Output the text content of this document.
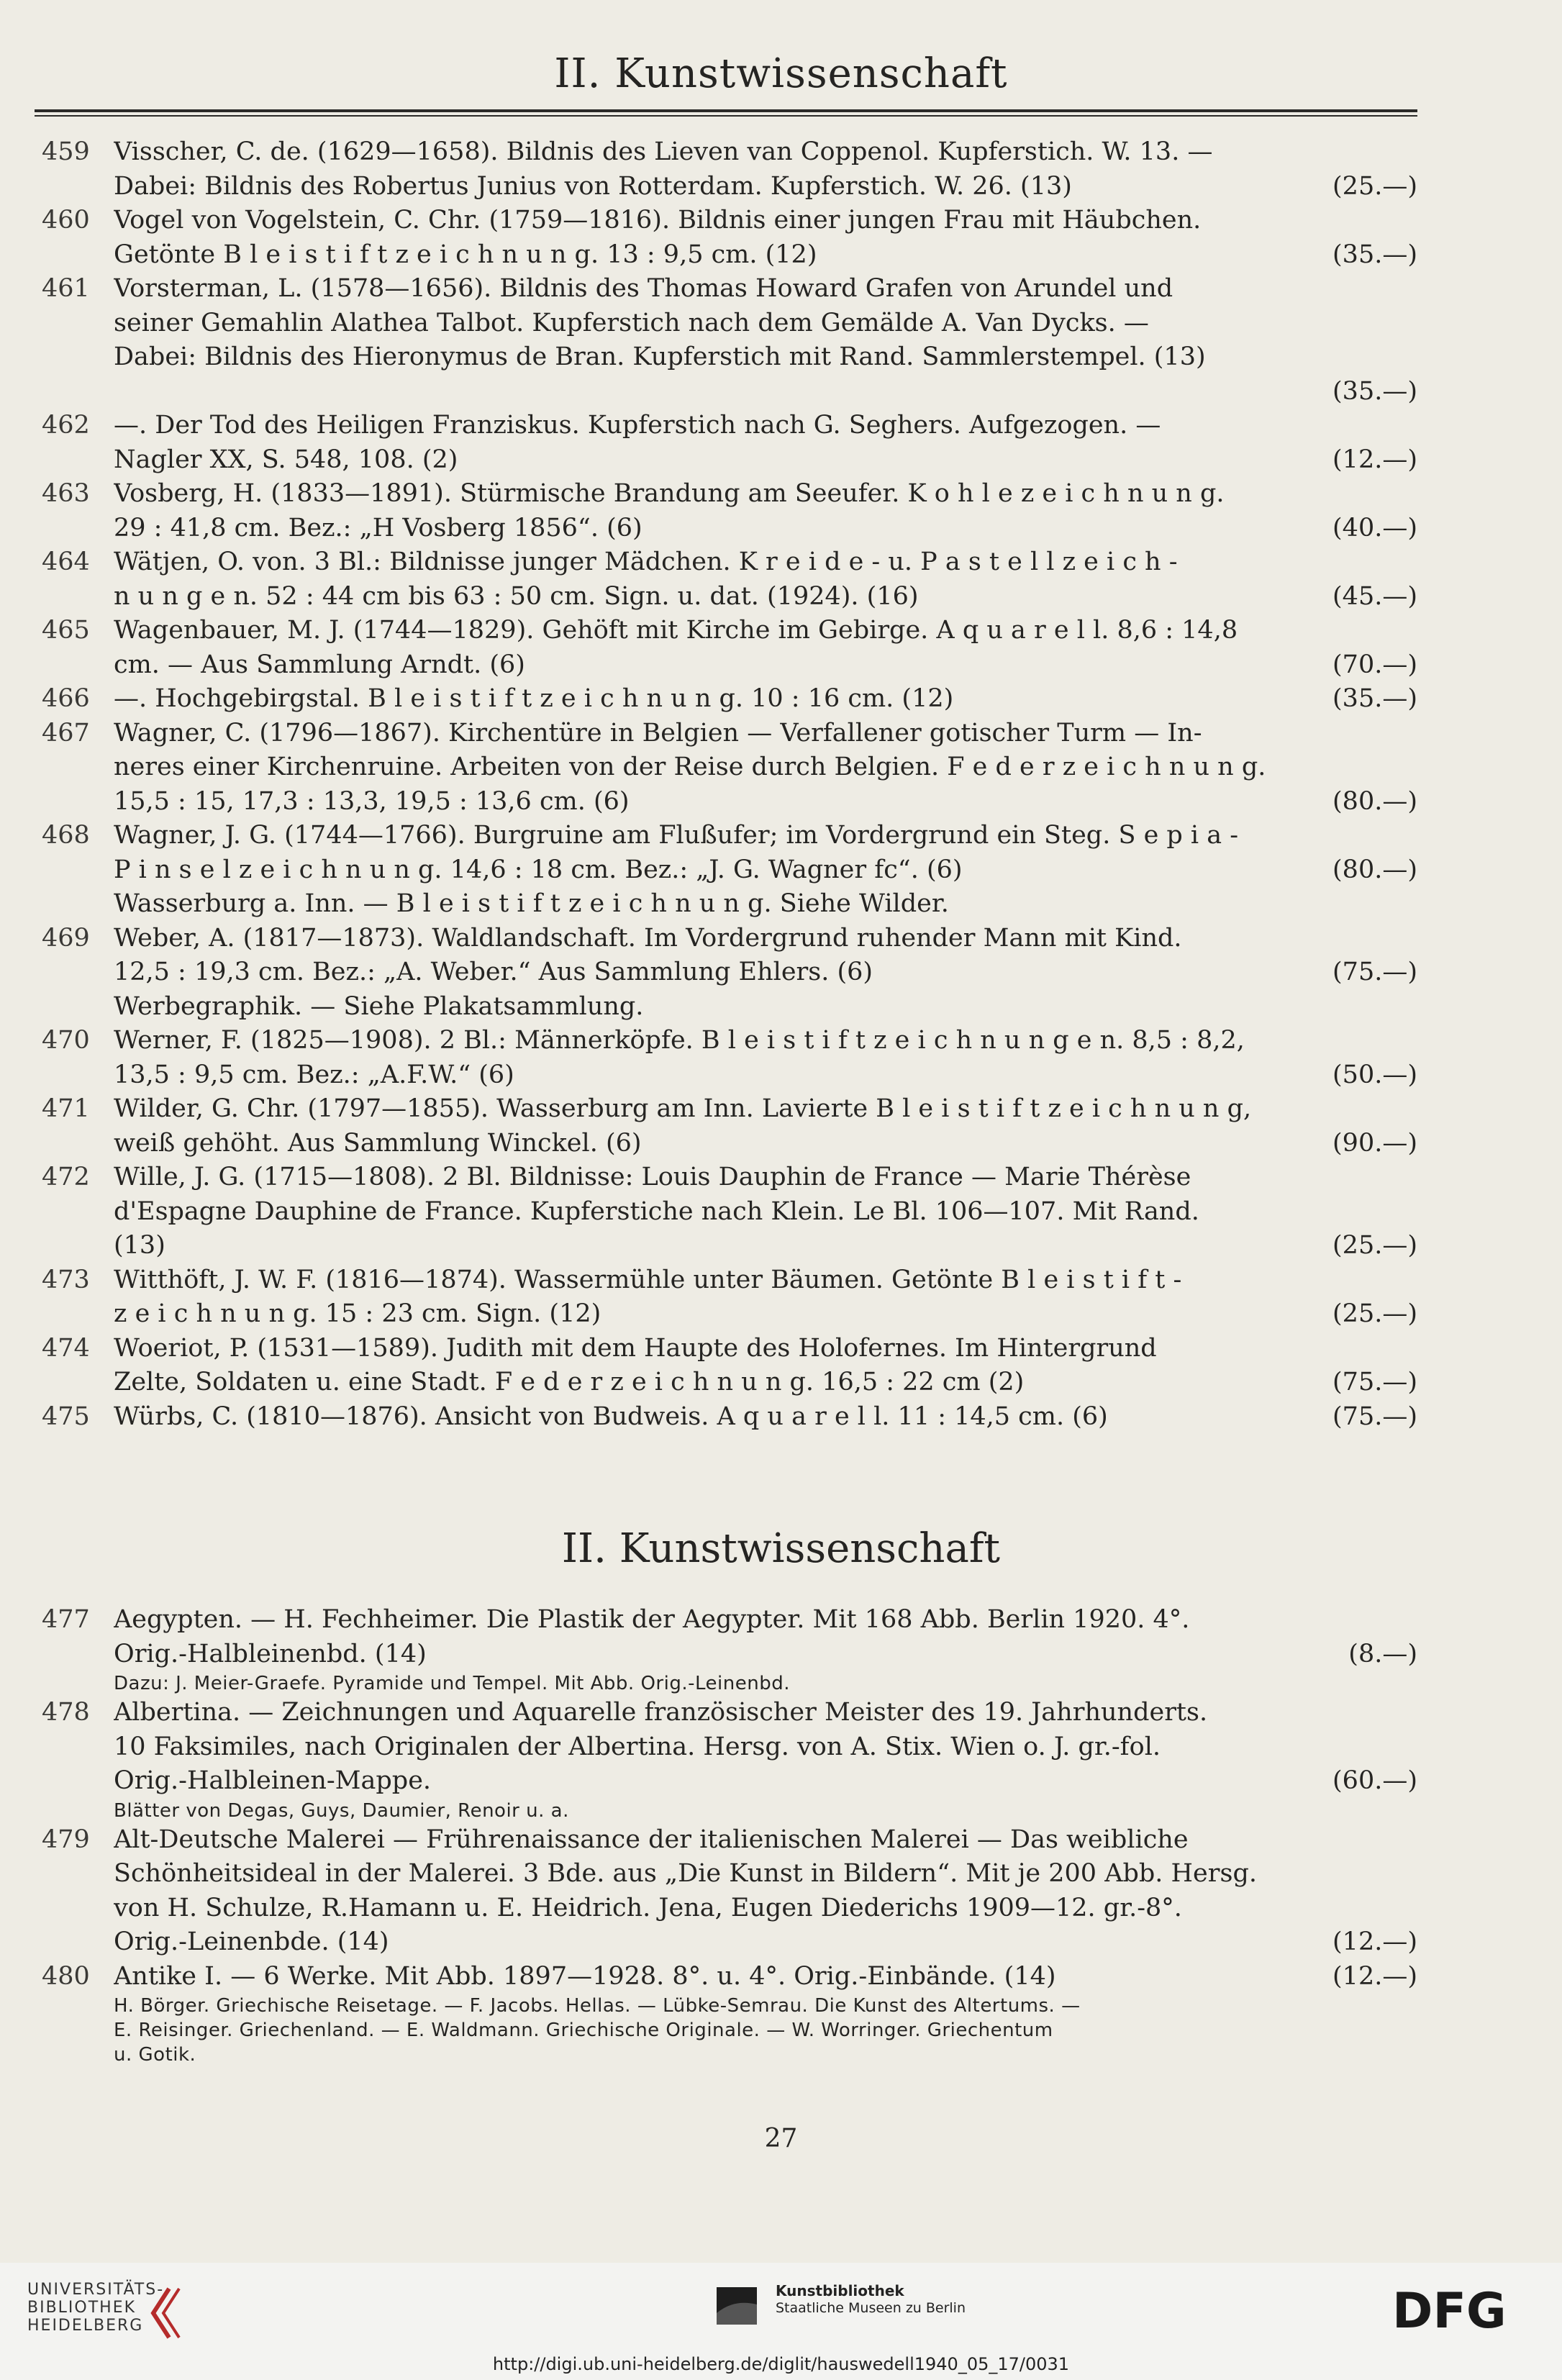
II. Kunstwissenschaft
459 Visscher, C. de. (1629—1658). Bildnis des Lieven van Coppenol. Kupferstich. W. 13. —
Dabei: Bildnis des Robertus Junius von Rotterdam. Kupferstich. W. 26. (13)	(25.—)
460 Vogel von Vogelstein, C. Chr. (1759—1816). Bildnis einer jungen Frau mit Häubchen.
Getönte B l e i s t i f t z e i c h n u n g. 13 : 9,5 cm. (12)	(35.—)
461 Vorsterman, L. (1578—1656). Bildnis des Thomas Howard Grafen von Arundel und
seiner Gemahlin Alathea Talbot. Kupferstich nach dem Gemälde A. Van Dycks. —
Dabei: Bildnis des Hieronymus de Bran. Kupferstich mit Rand. Sammlerstempel. (13)
(35.—)
462 —. Der Tod des Heiligen Franziskus. Kupferstich nach G. Seghers. Aufgezogen. —
Nagler XX, S. 548, 108. (2)	(12.—)
463 Vosberg, H. (1833—1891). Stürmische Brandung am Seeufer. K o h l e z e i c h n u n g.
29 : 41,8 cm. Bez.: „H Vosberg 1856“. (6)	(40.—)
464 Wätjen, O. von. 3 Bl.: Bildnisse junger Mädchen. K r e i d e - u. P a s t e l l z e i c h -
n u n g e n. 52 : 44 cm bis 63 : 50 cm. Sign. u. dat. (1924). (16)	(45.—)
465 Wagenbauer, M. J. (1744—1829). Gehöft mit Kirche im Gebirge. A q u a r e l l. 8,6 : 14,8
cm. — Aus Sammlung Arndt. (6)	(70.—)
466 —. Hochgebirgstal. B l e i s t i f t z e i c h n u n g. 10 : 16 cm. (12)	(35.—)
467 Wagner, C. (1796—1867). Kirchentüre in Belgien — Verfallener gotischer Turm — In-
neres einer Kirchenruine. Arbeiten von der Reise durch Belgien. F e d e r z e i c h n u n g.
15,5 : 15, 17,3 : 13,3, 19,5 : 13,6 cm. (6)	(80.—)
468 Wagner, J. G. (1744—1766). Burgruine am Flußufer; im Vordergrund ein Steg. S e p i a -
P i n s e l z e i c h n u n g. 14,6 : 18 cm. Bez.: „J. G. Wagner fc“. (6)	(80.—)
Wasserburg a. Inn. — B l e i s t i f t z e i c h n u n g. Siehe Wilder.
469 Weber, A. (1817—1873). Waldlandschaft. Im Vordergrund ruhender Mann mit Kind.
12,5 : 19,3 cm. Bez.: „A. Weber.“ Aus Sammlung Ehlers. (6)	(75.—)
Werbegraphik. — Siehe Plakatsammlung.
470 Werner, F. (1825—1908). 2 Bl.: Männerköpfe. B l e i s t i f t z e i c h n u n g e n. 8,5 : 8,2,
13,5 : 9,5 cm. Bez.: „A.F.W.“ (6)	(50.—)
471 Wilder, G. Chr. (1797—1855). Wasserburg am Inn. Lavierte B l e i s t i f t z e i c h n u n g,
weiß gehöht. Aus Sammlung Winckel. (6)	(90.—)
472 Wille, J. G. (1715—1808). 2 Bl. Bildnisse: Louis Dauphin de France — Marie Thérèse
d'Espagne Dauphine de France. Kupferstiche nach Klein. Le Bl. 106—107. Mit Rand.
(13)	(25.—)
473 Witthöft, J. W. F. (1816—1874). Wassermühle unter Bäumen. Getönte B l e i s t i f t -
z e i c h n u n g. 15 : 23 cm. Sign. (12)	(25.—)
474 Woeriot, P. (1531—1589). Judith mit dem Haupte des Holofernes. Im Hintergrund
Zelte, Soldaten u. eine Stadt. F e d e r z e i c h n u n g. 16,5 : 22 cm (2)	(75.—)
475 Würbs, C. (1810—1876). Ansicht von Budweis. A q u a r e l l. 11 : 14,5 cm. (6)	(75.—)
II. Kunstwissenschaft
477 Aegypten. — H. Fechheimer. Die Plastik der Aegypter. Mit 168 Abb. Berlin 1920. 4°.
Orig.-Halbleinenbd. (14)	(8.—)
Dazu: J. Meier-Graefe. Pyramide und Tempel. Mit Abb. Orig.-Leinenbd.
478 Albertina. — Zeichnungen und Aquarelle französischer Meister des 19. Jahrhunderts.
10 Faksimiles, nach Originalen der Albertina. Hersg. von A. Stix. Wien o. J. gr.-fol.
Orig.-Halbleinen-Mappe.	(60.—)
Blätter von Degas, Guys, Daumier, Renoir u. a.
479 Alt-Deutsche Malerei — Frührenaissance der italienischen Malerei — Das weibliche
Schönheitsideal in der Malerei. 3 Bde. aus „Die Kunst in Bildern“. Mit je 200 Abb. Hersg.
von H. Schulze, R.Hamann u. E. Heidrich. Jena, Eugen Diederichs 1909—12. gr.-8°.
Orig.-Leinenbde. (14)	(12.—)
480 Antike I. — 6 Werke. Mit Abb. 1897—1928. 8°. u. 4°. Orig.-Einbände. (14)	(12.—)
H. Börger. Griechische Reisetage. — F. Jacobs. Hellas. — Lübke-Semrau. Die Kunst des Altertums. —
E. Reisinger. Griechenland. — E. Waldmann. Griechische Originale. — W. Worringer. Griechentum
u. Gotik.
27
UNIVERSITÄTS-
BIBLIOTHEK
HEIDELBERG
Kunstbibliothek
Staatliche Museen zu Berlin	DFG
http://digi.ub.uni-heidelberg.de/diglit/hauswedell1940_05_17/0031
